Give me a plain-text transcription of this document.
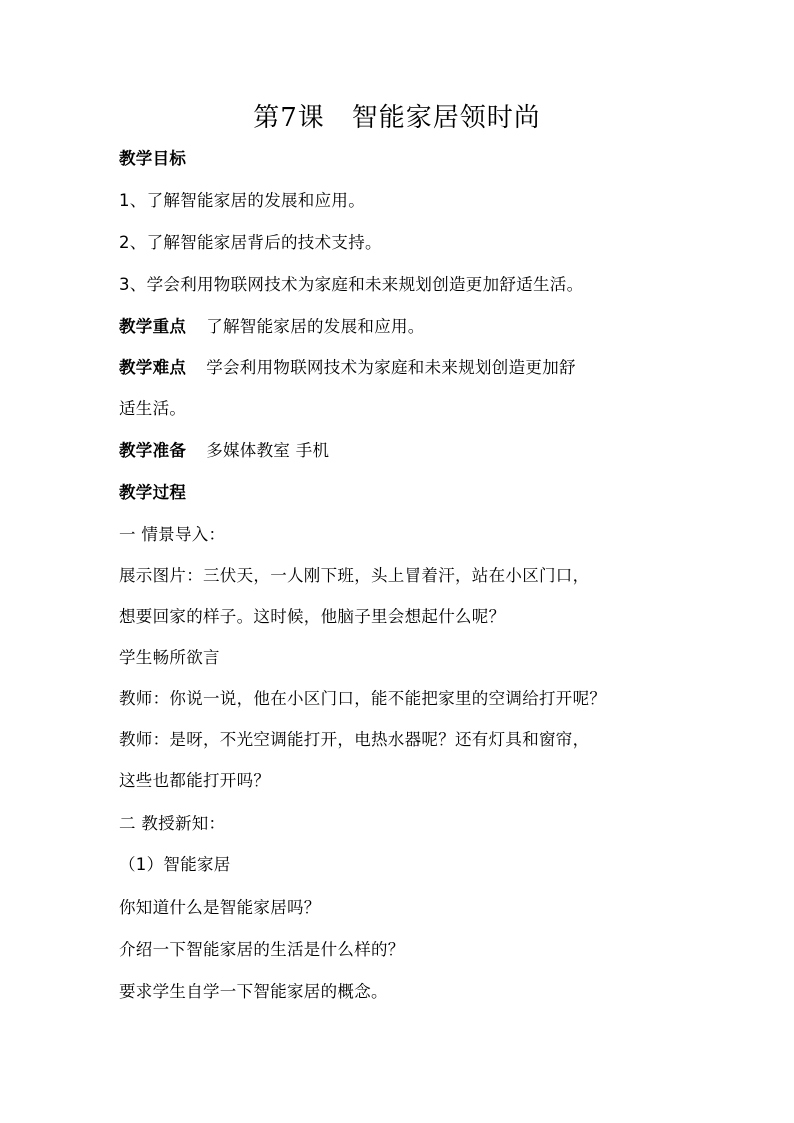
第7课　智能家居领时尚
教学目标
1、了解智能家居的发展和应用。
2、了解智能家居背后的技术支持。
3、学会利用物联网技术为家庭和未来规划创造更加舒适生活。
教学重点 了解智能家居的发展和应用。
教学难点 学会利用物联网技术为家庭和未来规划创造更加舒
适生活。
教学准备 多媒体教室 手机
教学过程
一 情景导入：
展示图片：三伏天，一人刚下班，头上冒着汗，站在小区门口，
想要回家的样子。这时候，他脑子里会想起什么呢？
学生畅所欲言
教师：你说一说，他在小区门口，能不能把家里的空调给打开呢？
教师：是呀，不光空调能打开，电热水器呢？还有灯具和窗帘，
这些也都能打开吗？
二 教授新知：
（1）智能家居
你知道什么是智能家居吗？
介绍一下智能家居的生活是什么样的？
要求学生自学一下智能家居的概念。
